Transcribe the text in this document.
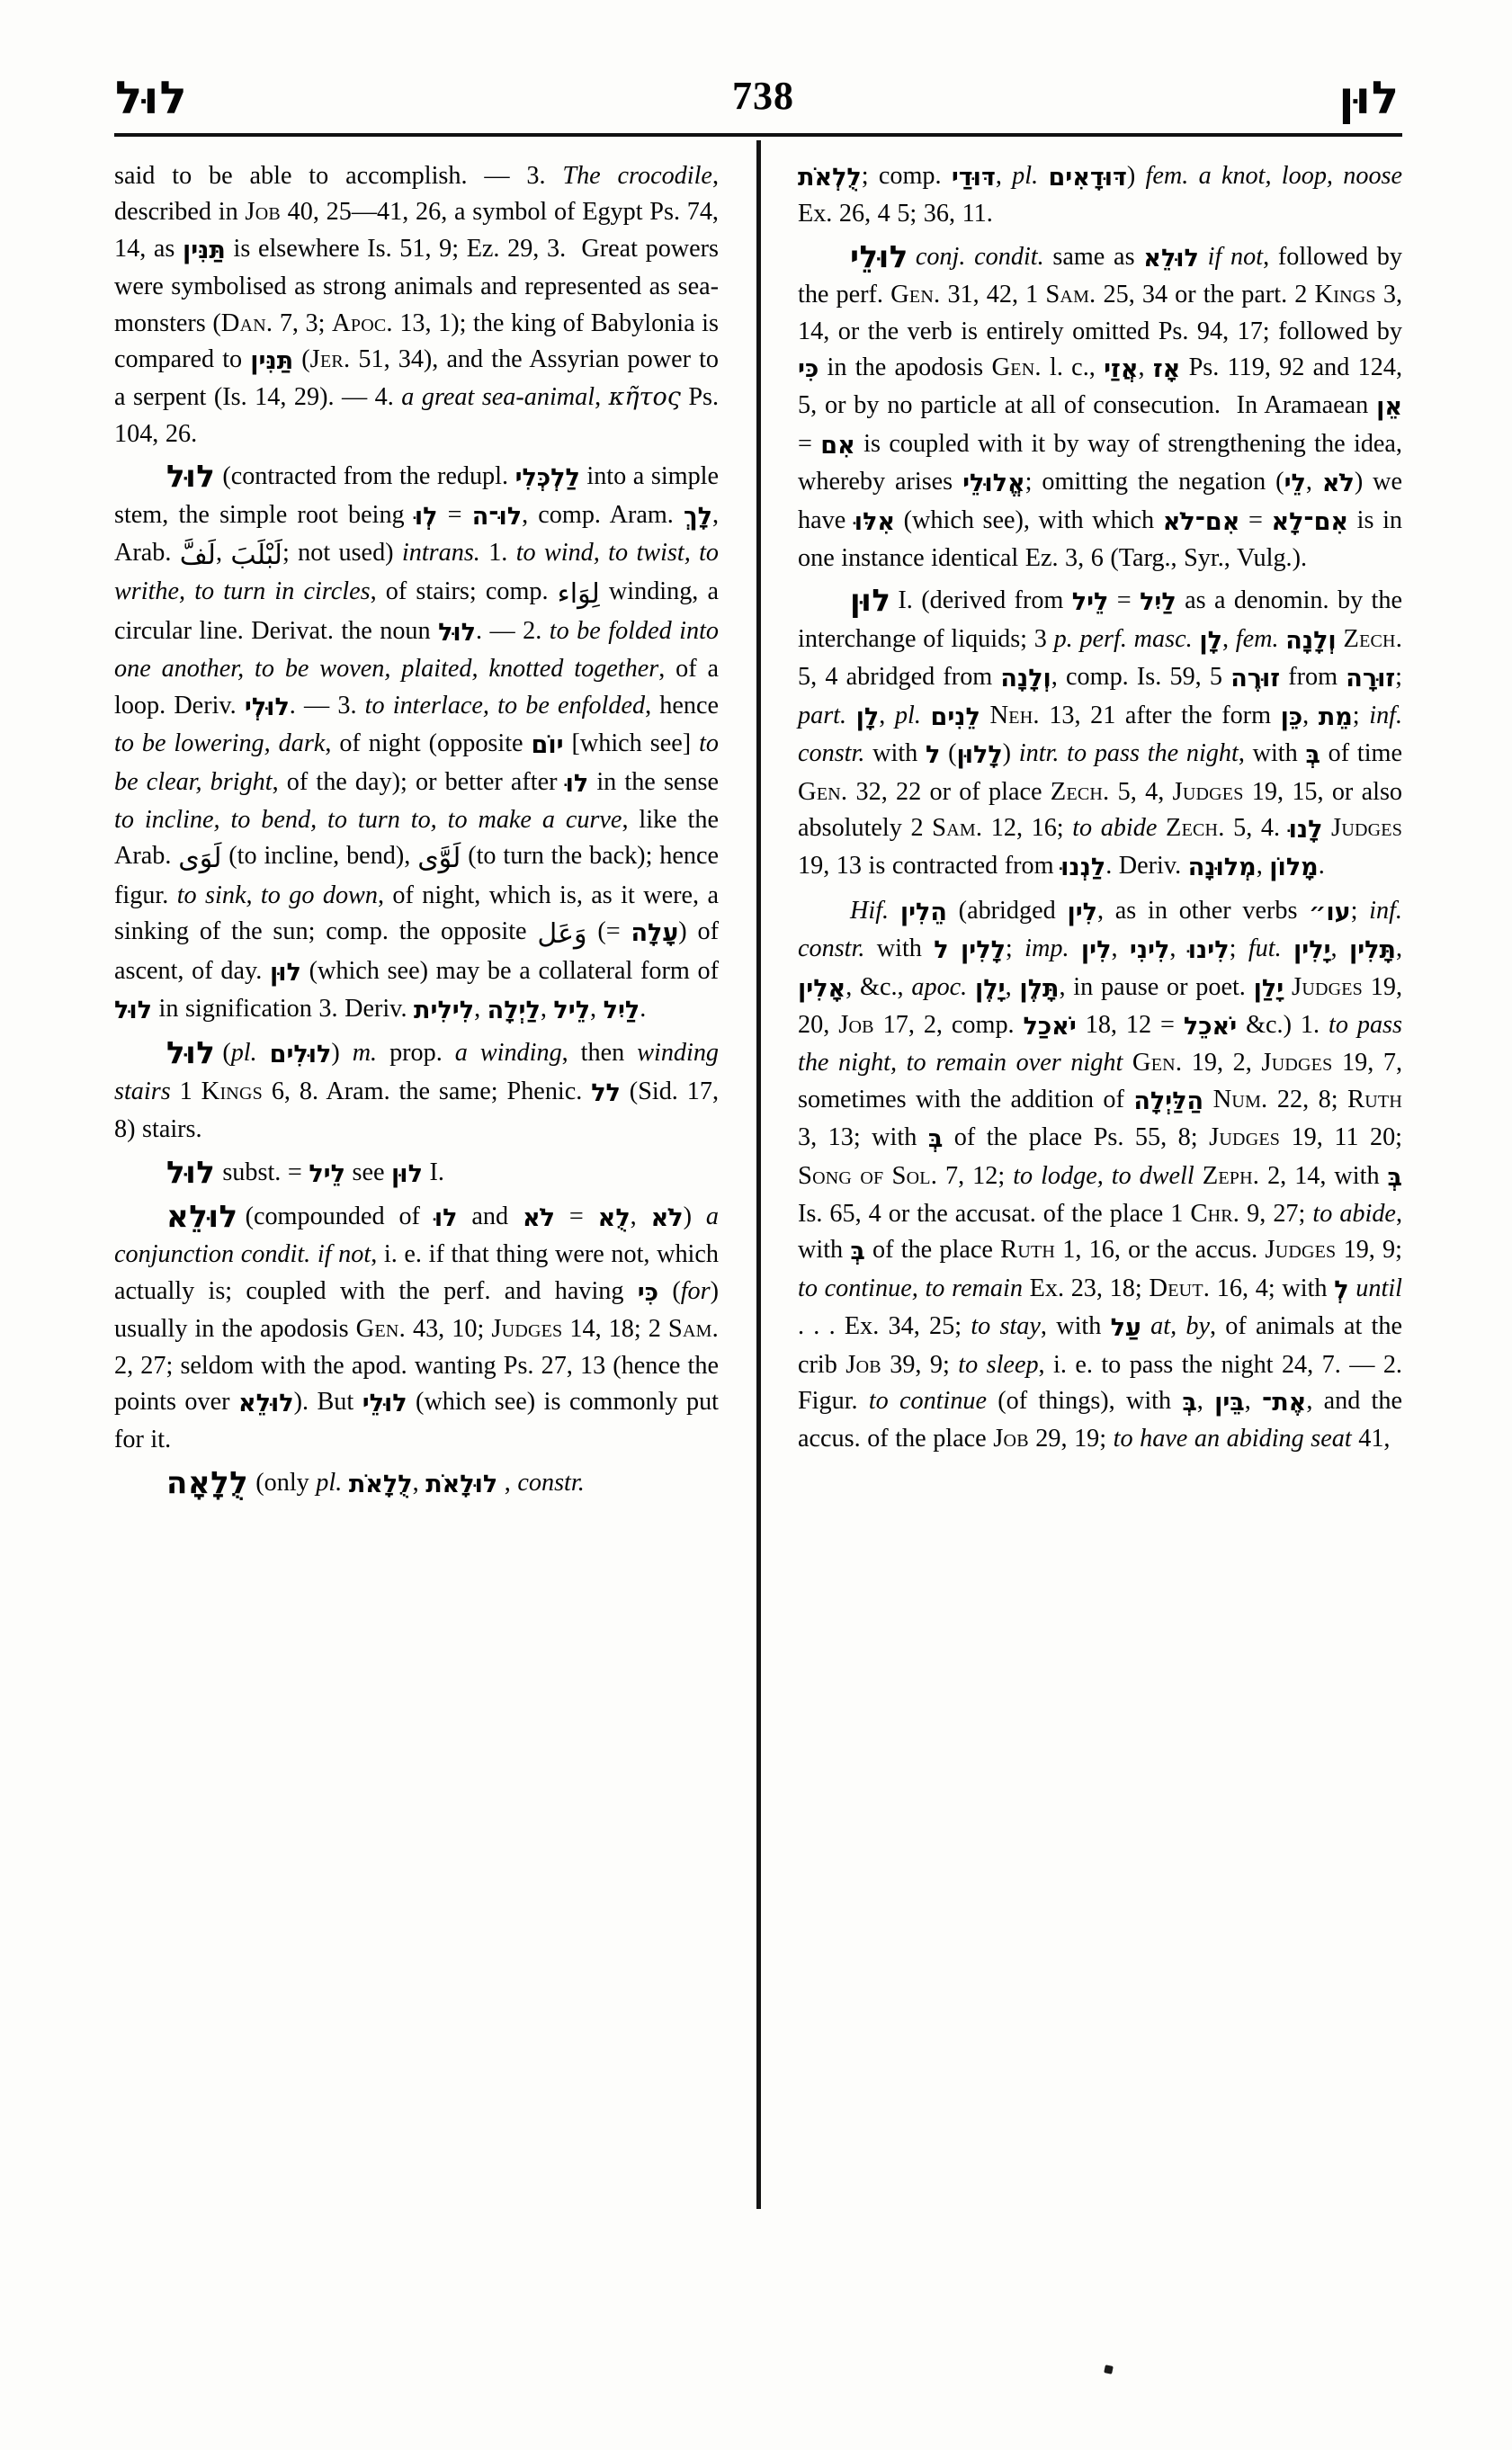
לוּל	738	לוּן

said to be able to accomplish. — 3. The crocodile, described in Job 40, 25—41, 26, a symbol of Egypt Ps. 74, 14, as תַּנִּין is elsewhere Is. 51, 9; Ez. 29, 3.  Great powers were symbolised as strong animals and represented as sea-monsters (Dan. 7, 3; Apoc. 13, 1); the king of Babylonia is compared to תַּנִּין (Jer. 51, 34), and the Assyrian power to a serpent (Is. 14, 29). — 4. a great sea-animal, κῆτος Ps. 104, 26.

לוּל (contracted from the redupl. לַלְכְּלִי into a simple stem, the simple root being לְוּ = לוּ־ה, comp. Aram. לָךְ, Arab. لَفَّ, لَبْلَبَ; not used) intrans. 1. to wind, to twist, to writhe, to turn in circles, of stairs; comp. لِوَاء winding, a circular line. Derivat. the noun לוּל. — 2. to be folded into one another, to be woven, plaited, knotted together, of a loop. Deriv. לוּלְי. — 3. to interlace, to be enfolded, hence to be lowering, dark, of night (opposite יוֹם [which see] to be clear, bright, of the day); or better after לוּ in the sense to incline, to bend, to turn to, to make a curve, like the Arab. لَوَى (to incline, bend), لَوَّى (to turn the back); hence figur. to sink, to go down, of night, which is, as it were, a sinking of the sun; comp. the opposite وَعَل (= עָלָה) of ascent, of day. לוּן (which see) may be a collateral form of לוּל in signification 3. Deriv. לִילִית, לַיְלָה, לֵיל, לַיִל.

לוּל (pl. לוּלִים) m. prop. a winding, then winding stairs 1 Kings 6, 8. Aram. the same; Phenic. לל (Sid. 17, 8) stairs.

לוּל subst. = לֵיל see לוּן I.

לוּלֵא (compounded of לוּ and לֹא = לֻא, לֹא) a conjunction condit. if not, i. e. if that thing were not, which actually is; coupled with the perf. and having כִּי (for) usually in the apodosis Gen. 43, 10; Judges 14, 18; 2 Sam. 2, 27; seldom with the apod. wanting Ps. 27, 13 (hence the points over לוּלֵא). But לוּלֵי (which see) is commonly put for it.

לֻלָאָה (only pl. לֻלָאֹת, לוּלָאֹת , constr.

לֻלְאֹת; comp. דּוּדַי, pl. דּוּדָאִים) fem. a knot, loop, noose Ex. 26, 4 5; 36, 11.

לוּלֵי conj. condit. same as לוּלֵא if not, followed by the perf. Gen. 31, 42, 1 Sam. 25, 34 or the part. 2 Kings 3, 14, or the verb is entirely omitted Ps. 94, 17; followed by כִּי in the apodosis Gen. l. c., אֲזַי, אָז Ps. 119, 92 and 124, 5, or by no particle at all of consecution.  In Aramaean אֵן = אִם is coupled with it by way of strengthening the idea, whereby arises אֱלוּלֵי; omitting the negation (לֵי, לֹא) we have אִלּוּ (which see), with which אִם־לֹא = אִם־לָא is in one instance identical Ez. 3, 6 (Targ., Syr., Vulg.).

לוּן I. (derived from לֵיל = לַיִל as a denomin. by the interchange of liquids; 3 p. perf. masc. לָן, fem. וְלָנָה Zech. 5, 4 abridged from וְלָנָה, comp. Is. 59, 5 זוּרֶה from זוּרָה; part. לָן, pl. לֵנִים Neh. 13, 21 after the form כֵּן, מֵת; inf. constr. with ל (לָלוּן) intr. to pass the night, with בְּ of time Gen. 32, 22 or of place Zech. 5, 4, Judges 19, 15, or also absolutely 2 Sam. 12, 16; to abide Zech. 5, 4. לָנוּ Judges 19, 13 is contracted from לַנְנוּ. Deriv. מְלוּנָה, מָלוֹן.

Hif. הֵלִין (abridged לִין, as in other verbs עו״; inf. constr. with ל לָלִין; imp. לִין, לִינִי, לִינוּ; fut. יָלִין, תָּלִין, אָלִין, &c., apoc. יָלֶן, תָּלֶן, in pause or poet. יָלַן Judges 19, 20, Job 17, 2, comp. יֹאכַל 18, 12 = יֹאכֵל &c.) 1. to pass the night, to remain over night Gen. 19, 2, Judges 19, 7, sometimes with the addition of הַלַּיְלָה Num. 22, 8; Ruth 3, 13; with בְּ of the place Ps. 55, 8; Judges 19, 11 20; Song of Sol. 7, 12; to lodge, to dwell Zeph. 2, 14, with בְּ Is. 65, 4 or the accusat. of the place 1 Chr. 9, 27; to abide, with בְּ of the place Ruth 1, 16, or the accus. Judges 19, 9; to continue, to remain Ex. 23, 18; Deut. 16, 4; with לְ until . . . Ex. 34, 25; to stay, with עַל at, by, of animals at the crib Job 39, 9; to sleep, i. e. to pass the night 24, 7. — 2. Figur. to continue (of things), with בְּ, בֵּין, אֶת־, and the accus. of the place Job 29, 19; to have an abiding seat 41,
